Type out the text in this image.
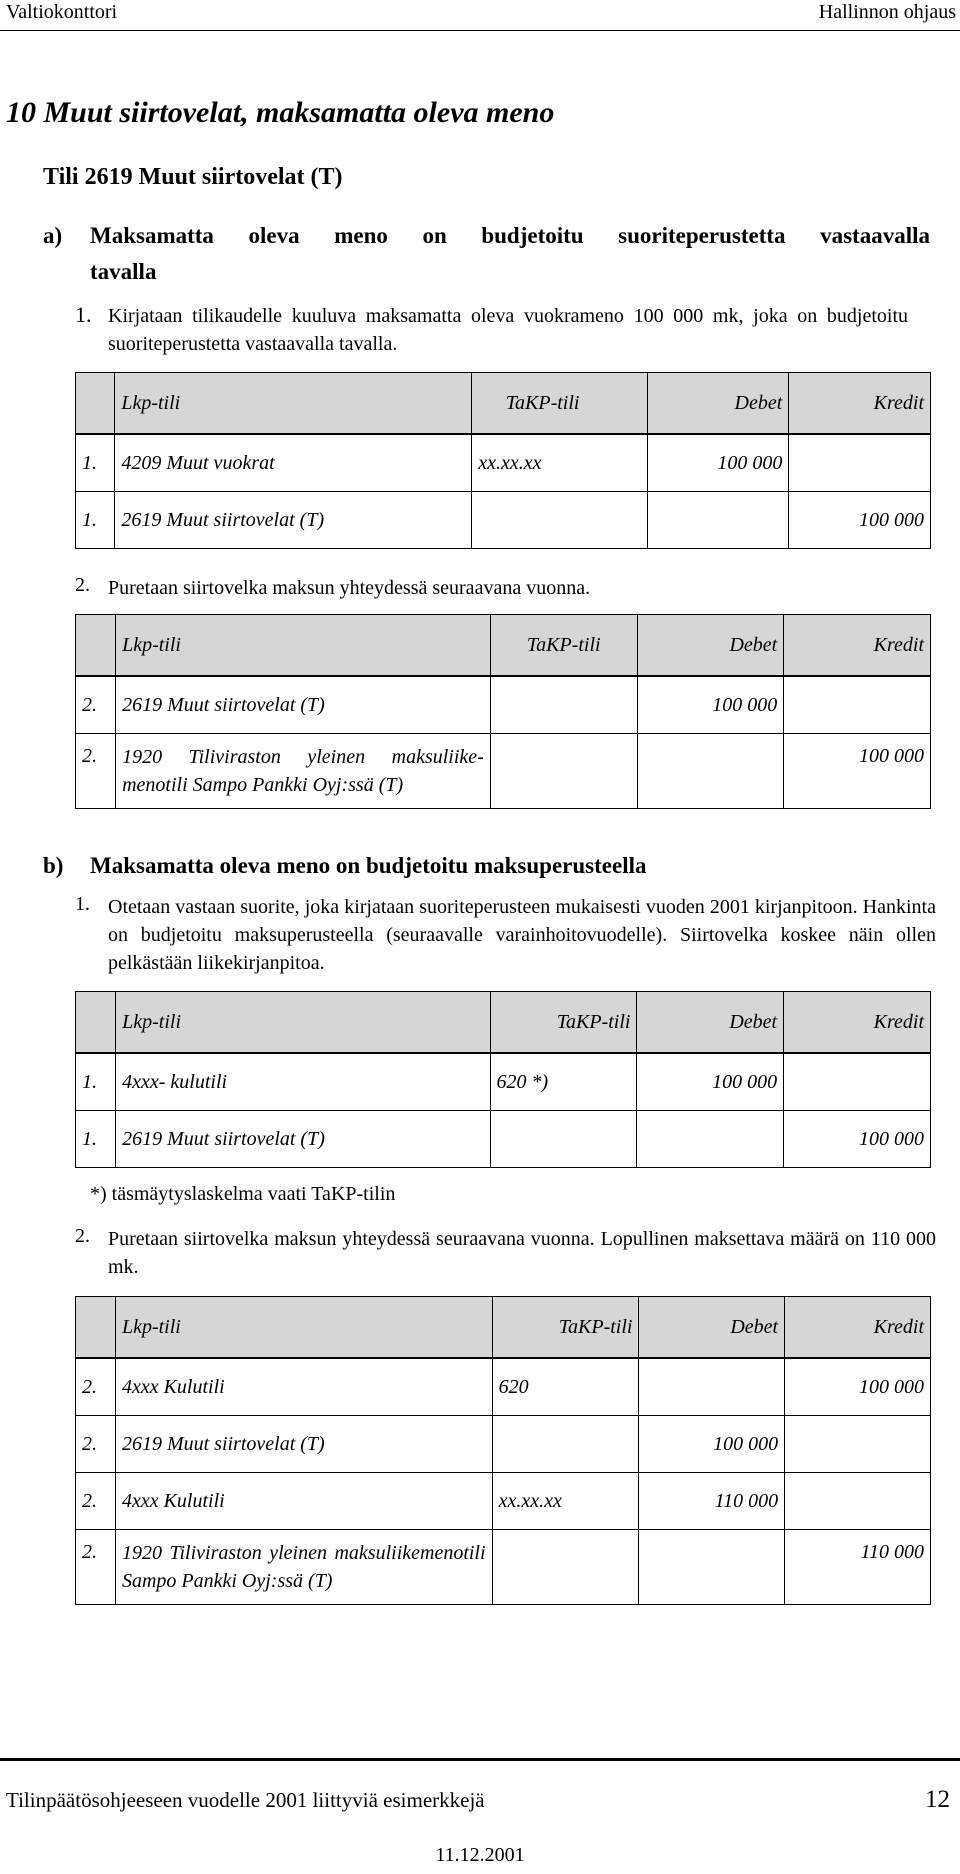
Valtiokonttori	Hallinnon ohjaus
10 Muut siirtovelat, maksamatta oleva meno
Tili 2619 Muut siirtovelat (T)
a) Maksamatta oleva meno on budjetoitu suoriteperustetta vastaavalla
tavalla
1. Kirjataan tilikaudelle kuuluva maksamatta oleva vuokrameno 100 000 mk, joka on budjetoitu suoriteperustetta vastaavalla tavalla.
	Lkp-tili	TaKP-tili	Debet	Kredit
1.	4209 Muut vuokrat	xx.xx.xx	100 000	
1.	2619 Muut siirtovelat (T)			100 000
2. Puretaan siirtovelka maksun yhteydessä seuraavana vuonna.
	Lkp-tili	TaKP-tili	Debet	Kredit
2.	2619 Muut siirtovelat (T)		100 000	
2.	1920 Tiliviraston yleinen maksuliike-menotili Sampo Pankki Oyj:ssä (T)			100 000
b) Maksamatta oleva meno on budjetoitu maksuperusteella
1. Otetaan vastaan suorite, joka kirjataan suoriteperusteen mukaisesti vuoden 2001 kirjanpitoon. Hankinta on budjetoitu maksuperusteella (seuraavalle varainhoitovuodelle). Siirtovelka koskee näin ollen pelkästään liikekirjanpitoa.
	Lkp-tili	TaKP-tili	Debet	Kredit
1.	4xxx- kulutili	620 *)	100 000	
1.	2619 Muut siirtovelat (T)			100 000
*) täsmäytyslaskelma vaati TaKP-tilin
2. Puretaan siirtovelka maksun yhteydessä seuraavana vuonna. Lopullinen maksettava määrä on 110 000 mk.
	Lkp-tili	TaKP-tili	Debet	Kredit
2.	4xxx Kulutili	620		100 000
2.	2619 Muut siirtovelat (T)		100 000	
2.	4xxx Kulutili	xx.xx.xx	110 000	
2.	1920 Tiliviraston yleinen maksuliikemenotili Sampo Pankki Oyj:ssä (T)			110 000
Tilinpäätösohjeeseen vuodelle 2001 liittyviä esimerkkejä	12
11.12.2001
